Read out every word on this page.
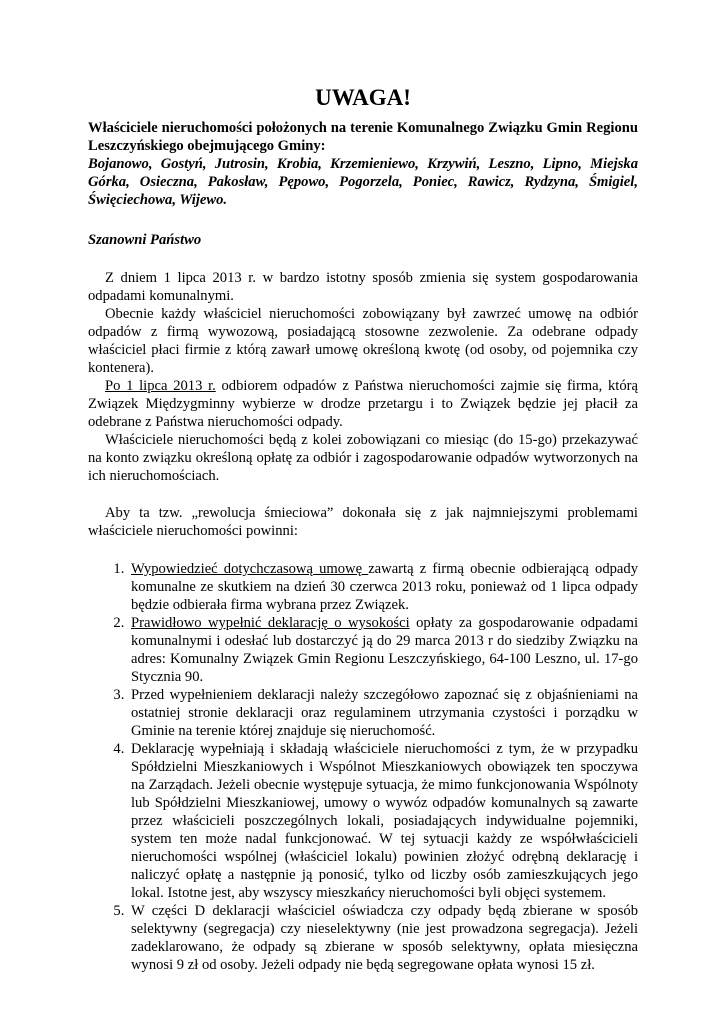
UWAGA!

Właściciele nieruchomości położonych na terenie Komunalnego Związku Gmin Regionu Leszczyńskiego obejmującego Gminy:

Bojanowo, Gostyń, Jutrosin, Krobia, Krzemieniewo, Krzywiń, Leszno, Lipno, Miejska Górka, Osieczna, Pakosław, Pępowo, Pogorzela, Poniec, Rawicz, Rydzyna, Śmigiel, Święciechowa, Wijewo.

Szanowni Państwo

Z dniem 1 lipca 2013 r. w bardzo istotny sposób zmienia się system gospodarowania odpadami komunalnymi.

Obecnie każdy właściciel nieruchomości zobowiązany był zawrzeć umowę na odbiór odpadów z firmą wywozową, posiadającą stosowne zezwolenie. Za odebrane odpady właściciel płaci firmie z którą zawarł umowę określoną kwotę (od osoby, od pojemnika czy kontenera).

Po 1 lipca 2013 r. odbiorem odpadów z Państwa nieruchomości zajmie się firma, którą Związek Międzygminny wybierze w drodze przetargu i to Związek będzie jej płacił za odebrane z Państwa nieruchomości odpady.

Właściciele nieruchomości będą z kolei zobowiązani co miesiąc (do 15-go) przekazywać na konto związku określoną opłatę za odbiór i zagospodarowanie odpadów wytworzonych na ich nieruchomościach.

Aby ta tzw. „rewolucja śmieciowa” dokonała się z jak najmniejszymi problemami właściciele nieruchomości powinni:

1. Wypowiedzieć dotychczasową umowę zawartą z firmą obecnie odbierającą odpady komunalne ze skutkiem na dzień 30 czerwca 2013 roku, ponieważ od 1 lipca odpady będzie odbierała firma wybrana przez Związek.
2. Prawidłowo wypełnić deklarację o wysokości opłaty za gospodarowanie odpadami komunalnymi i odesłać lub dostarczyć ją do 29 marca 2013 r do siedziby Związku na adres: Komunalny Związek Gmin Regionu Leszczyńskiego, 64-100 Leszno, ul. 17-go Stycznia 90.
3. Przed wypełnieniem deklaracji należy szczegółowo zapoznać się z objaśnieniami na ostatniej stronie deklaracji oraz regulaminem utrzymania czystości i porządku w Gminie na terenie której znajduje się nieruchomość.
4. Deklarację wypełniają i składają właściciele nieruchomości z tym, że w przypadku Spółdzielni Mieszkaniowych i Wspólnot Mieszkaniowych obowiązek ten spoczywa na Zarządach. Jeżeli obecnie występuje sytuacja, że mimo funkcjonowania Wspólnoty lub Spółdzielni Mieszkaniowej, umowy o wywóz odpadów komunalnych są zawarte przez właścicieli poszczególnych lokali, posiadających indywidualne pojemniki, system ten może nadal funkcjonować. W tej sytuacji każdy ze współwłaścicieli nieruchomości wspólnej (właściciel lokalu) powinien złożyć odrębną deklarację i naliczyć opłatę a następnie ją ponosić, tylko od liczby osób zamieszkujących jego lokal. Istotne jest, aby wszyscy mieszkańcy nieruchomości byli objęci systemem.
5. W części D deklaracji właściciel oświadcza czy odpady będą zbierane w sposób selektywny (segregacja) czy nieselektywny (nie jest prowadzona segregacja). Jeżeli zadeklarowano, że odpady są zbierane w sposób selektywny, opłata miesięczna wynosi 9 zł od osoby. Jeżeli odpady nie będą segregowane opłata wynosi 15 zł.
